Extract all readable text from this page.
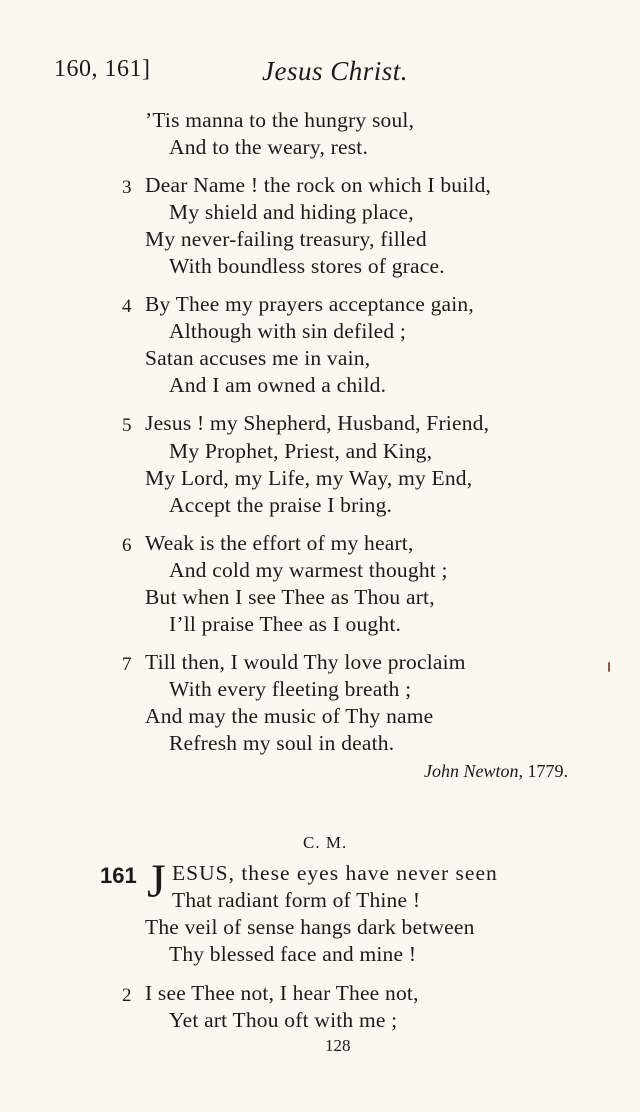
160, 161]	Jesus Christ.
’Tis manna to the hungry soul,
And to the weary, rest.
3 Dear Name ! the rock on which I build,
My shield and hiding place,
My never-failing treasury, filled
With boundless stores of grace.
4 By Thee my prayers acceptance gain,
Although with sin defiled ;
Satan accuses me in vain,
And I am owned a child.
5 Jesus ! my Shepherd, Husband, Friend,
My Prophet, Priest, and King,
My Lord, my Life, my Way, my End,
Accept the praise I bring.
6 Weak is the effort of my heart,
And cold my warmest thought ;
But when I see Thee as Thou art,
I’ll praise Thee as I ought.
7 Till then, I would Thy love proclaim
With every fleeting breath ;
And may the music of Thy name
Refresh my soul in death.
John Newton, 1779.
C. M.
161 J ESUS, these eyes have never seen
That radiant form of Thine !
The veil of sense hangs dark between
Thy blessed face and mine !
2 I see Thee not, I hear Thee not,
Yet art Thou oft with me ;
128
